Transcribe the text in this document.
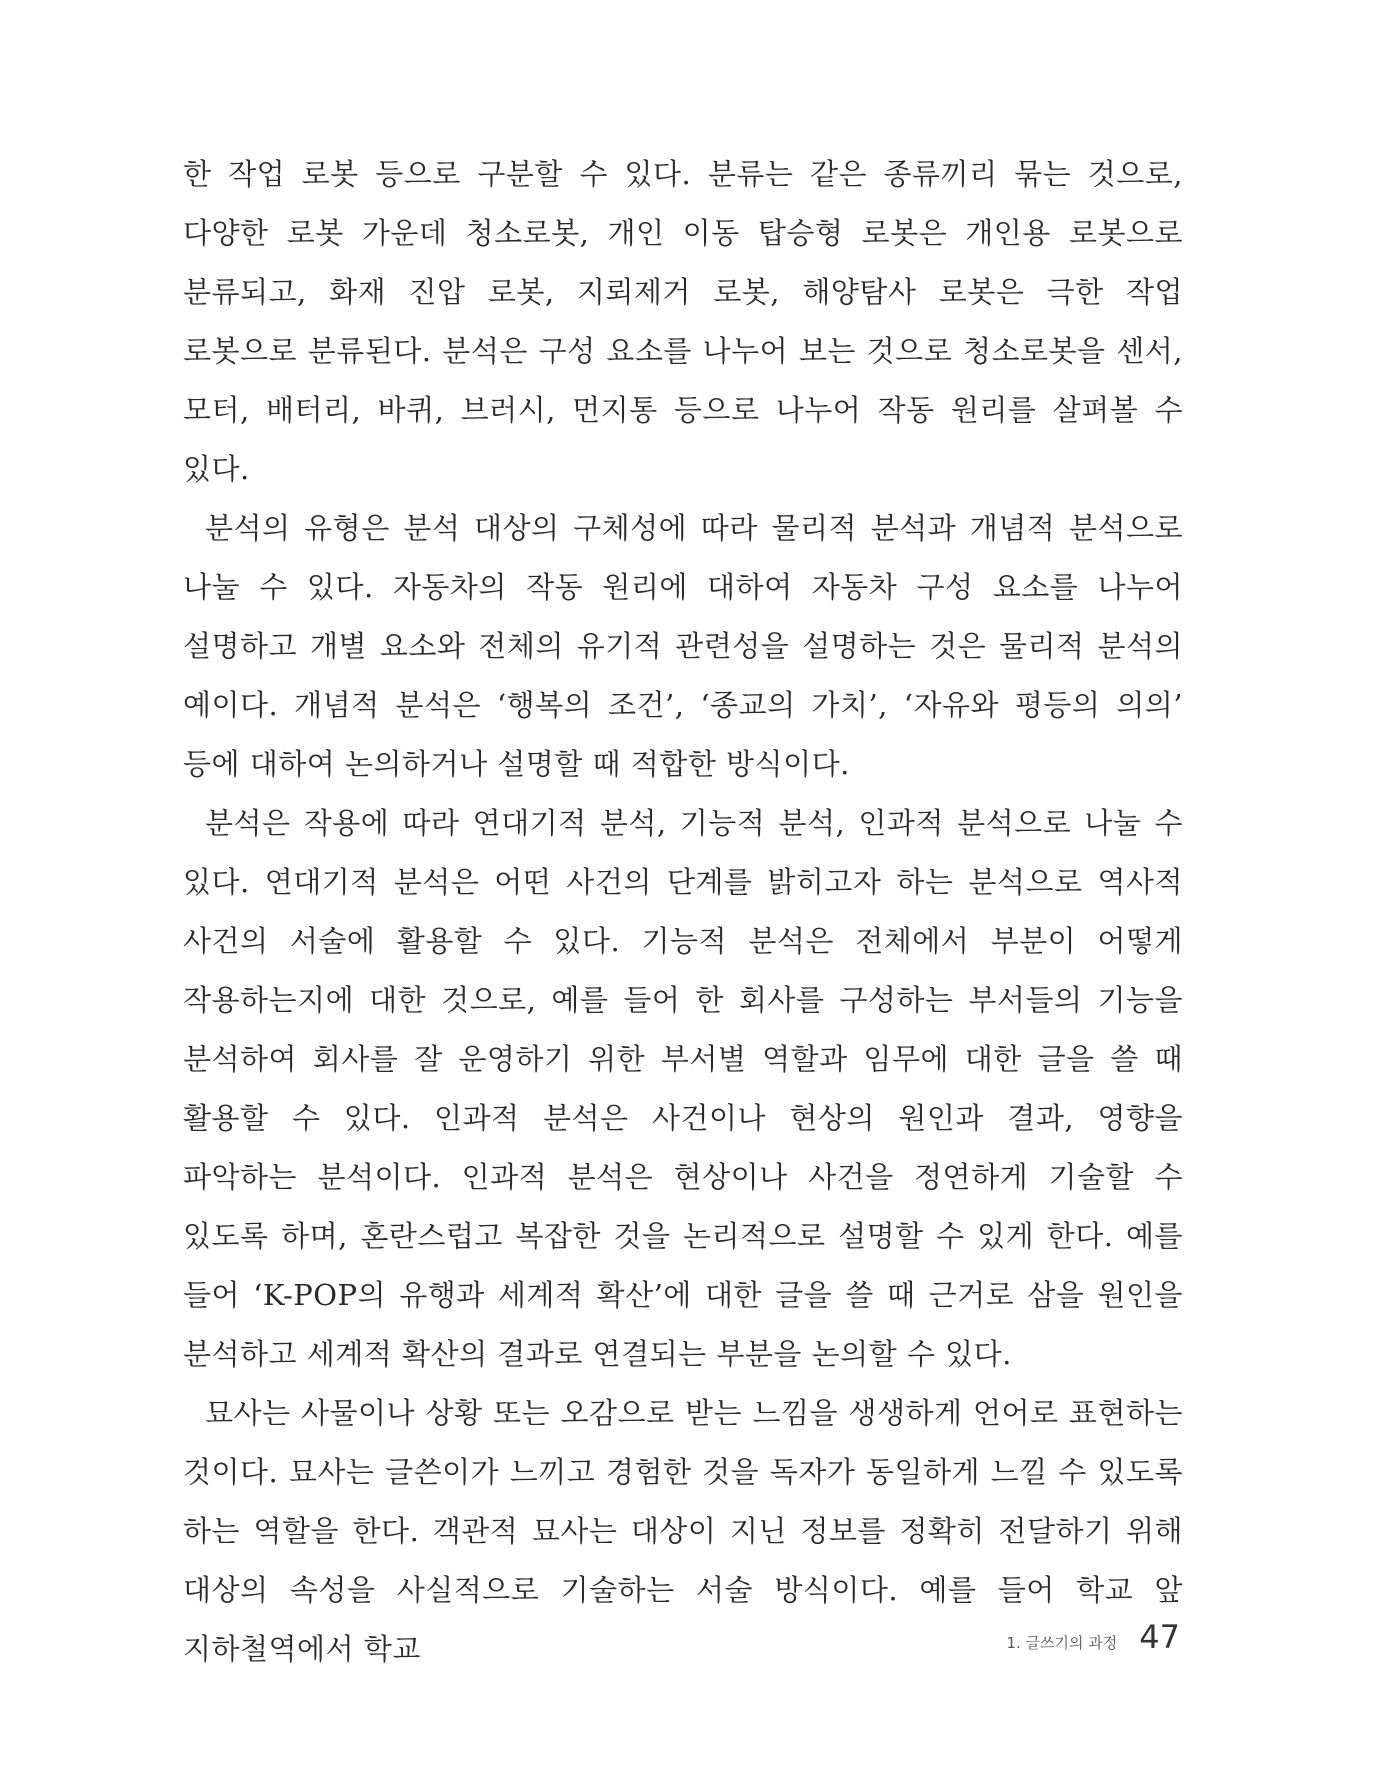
한 작업 로봇 등으로 구분할 수 있다. 분류는 같은 종류끼리 묶는 것으로, 다양한 로봇 가운데 청소로봇, 개인 이동 탑승형 로봇은 개인용 로봇으로 분류되고, 화재 진압 로봇, 지뢰제거 로봇, 해양탐사 로봇은 극한 작업 로봇으로 분류된다. 분석은 구성 요소를 나누어 보는 것으로 청소로봇을 센서, 모터, 배터리, 바퀴, 브러시, 먼지통 등으로 나누어 작동 원리를 살펴볼 수 있다.

분석의 유형은 분석 대상의 구체성에 따라 물리적 분석과 개념적 분석으로 나눌 수 있다. 자동차의 작동 원리에 대하여 자동차 구성 요소를 나누어 설명하고 개별 요소와 전체의 유기적 관련성을 설명하는 것은 물리적 분석의 예이다. 개념적 분석은 ‘행복의 조건’, ‘종교의 가치’, ‘자유와 평등의 의의’ 등에 대하여 논의하거나 설명할 때 적합한 방식이다.

분석은 작용에 따라 연대기적 분석, 기능적 분석, 인과적 분석으로 나눌 수 있다. 연대기적 분석은 어떤 사건의 단계를 밝히고자 하는 분석으로 역사적 사건의 서술에 활용할 수 있다. 기능적 분석은 전체에서 부분이 어떻게 작용하는지에 대한 것으로, 예를 들어 한 회사를 구성하는 부서들의 기능을 분석하여 회사를 잘 운영하기 위한 부서별 역할과 임무에 대한 글을 쓸 때 활용할 수 있다. 인과적 분석은 사건이나 현상의 원인과 결과, 영향을 파악하는 분석이다. 인과적 분석은 현상이나 사건을 정연하게 기술할 수 있도록 하며, 혼란스럽고 복잡한 것을 논리적으로 설명할 수 있게 한다. 예를 들어 ‘K-POP의 유행과 세계적 확산’에 대한 글을 쓸 때 근거로 삼을 원인을 분석하고 세계적 확산의 결과로 연결되는 부분을 논의할 수 있다.

묘사는 사물이나 상황 또는 오감으로 받는 느낌을 생생하게 언어로 표현하는 것이다. 묘사는 글쓴이가 느끼고 경험한 것을 독자가 동일하게 느낄 수 있도록 하는 역할을 한다. 객관적 묘사는 대상이 지닌 정보를 정확히 전달하기 위해 대상의 속성을 사실적으로 기술하는 서술 방식이다. 예를 들어 학교 앞 지하철역에서 학교	1. 글쓰기의 과정 47
